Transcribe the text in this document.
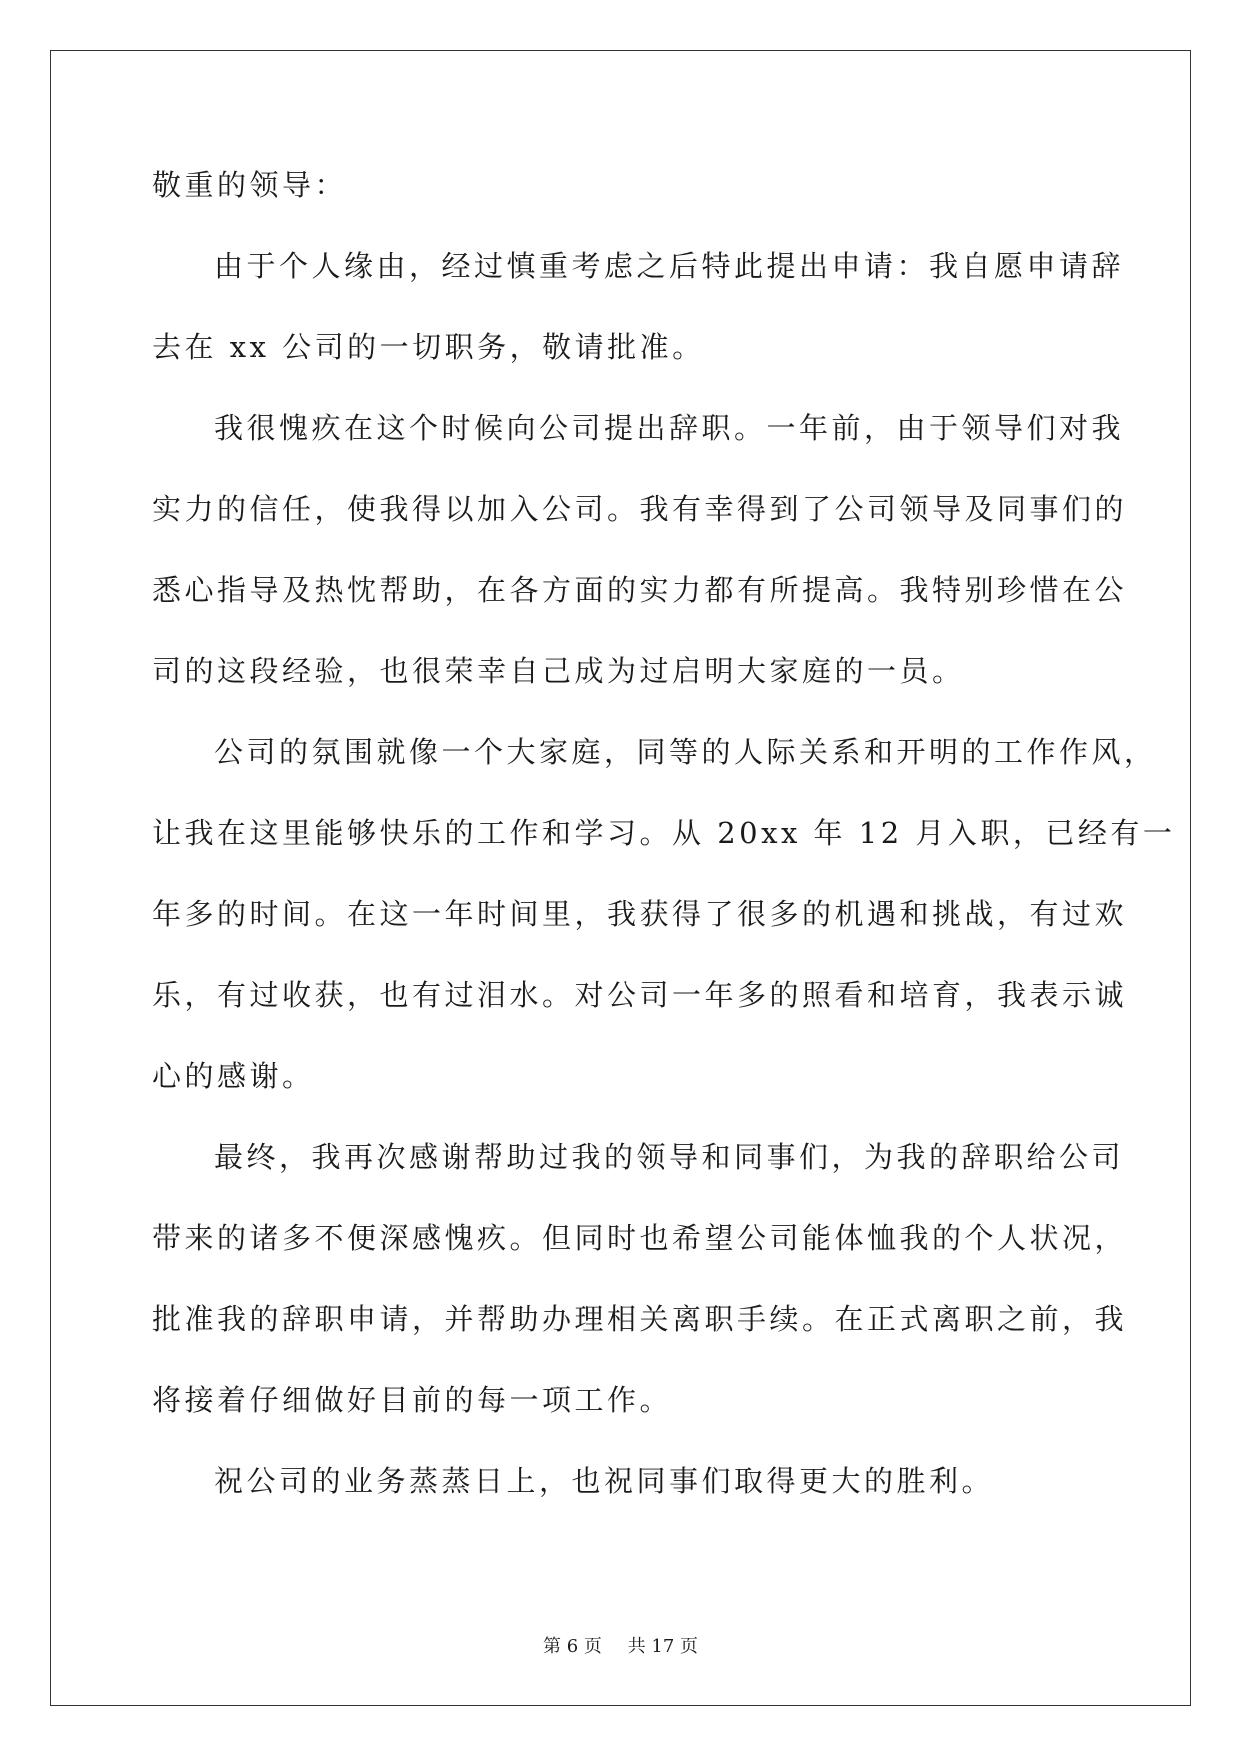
敬重的领导：

由于个人缘由，经过慎重考虑之后特此提出申请：我自愿申请辞

去在 xx 公司的一切职务，敬请批准。

我很愧疚在这个时候向公司提出辞职。一年前，由于领导们对我

实力的信任，使我得以加入公司。我有幸得到了公司领导及同事们的

悉心指导及热忱帮助，在各方面的实力都有所提高。我特别珍惜在公

司的这段经验，也很荣幸自己成为过启明大家庭的一员。

公司的氛围就像一个大家庭，同等的人际关系和开明的工作作风，

让我在这里能够快乐的工作和学习。从 20xx 年 12 月入职，已经有一

年多的时间。在这一年时间里，我获得了很多的机遇和挑战，有过欢

乐，有过收获，也有过泪水。对公司一年多的照看和培育，我表示诚

心的感谢。

最终，我再次感谢帮助过我的领导和同事们，为我的辞职给公司

带来的诸多不便深感愧疚。但同时也希望公司能体恤我的个人状况，

批准我的辞职申请，并帮助办理相关离职手续。在正式离职之前，我

将接着仔细做好目前的每一项工作。

祝公司的业务蒸蒸日上，也祝同事们取得更大的胜利。

第 6 页 共 17 页
